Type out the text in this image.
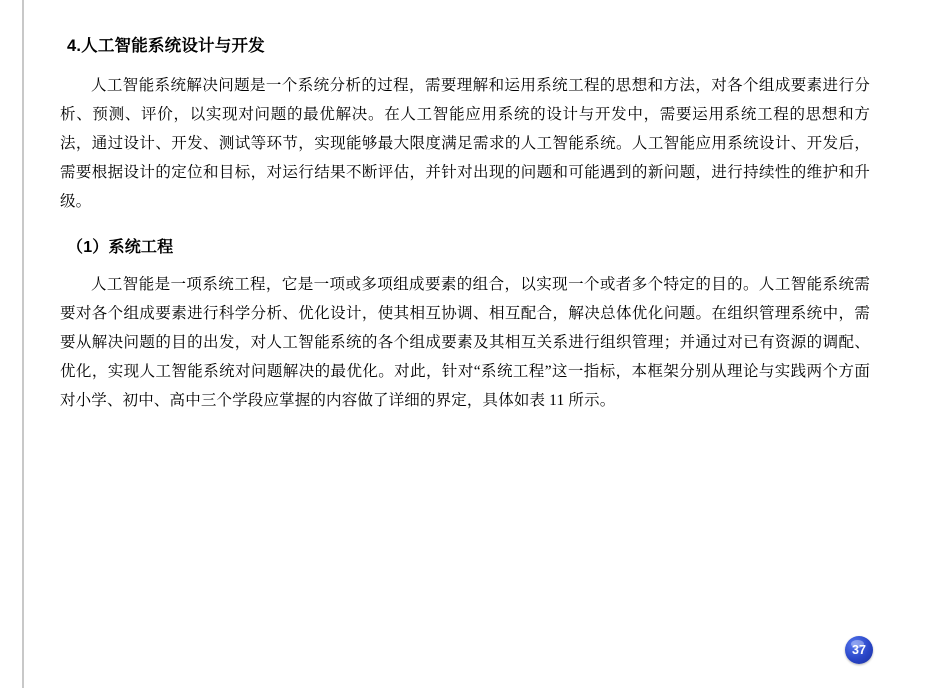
4.人工智能系统设计与开发

人工智能系统解决问题是一个系统分析的过程，需要理解和运用系统工程的思想和方法，对各个组成要素进行分析、预测、评价，以实现对问题的最优解决。在人工智能应用系统的设计与开发中，需要运用系统工程的思想和方法，通过设计、开发、测试等环节，实现能够最大限度满足需求的人工智能系统。人工智能应用系统设计、开发后，需要根据设计的定位和目标，对运行结果不断评估，并针对出现的问题和可能遇到的新问题，进行持续性的维护和升级。

（1）系统工程

人工智能是一项系统工程，它是一项或多项组成要素的组合，以实现一个或者多个特定的目的。人工智能系统需要对各个组成要素进行科学分析、优化设计，使其相互协调、相互配合，解决总体优化问题。在组织管理系统中，需要从解决问题的目的出发，对人工智能系统的各个组成要素及其相互关系进行组织管理；并通过对已有资源的调配、优化，实现人工智能系统对问题解决的最优化。对此，针对“系统工程”这一指标，本框架分别从理论与实践两个方面对小学、初中、高中三个学段应掌握的内容做了详细的界定，具体如表 11 所示。

37
